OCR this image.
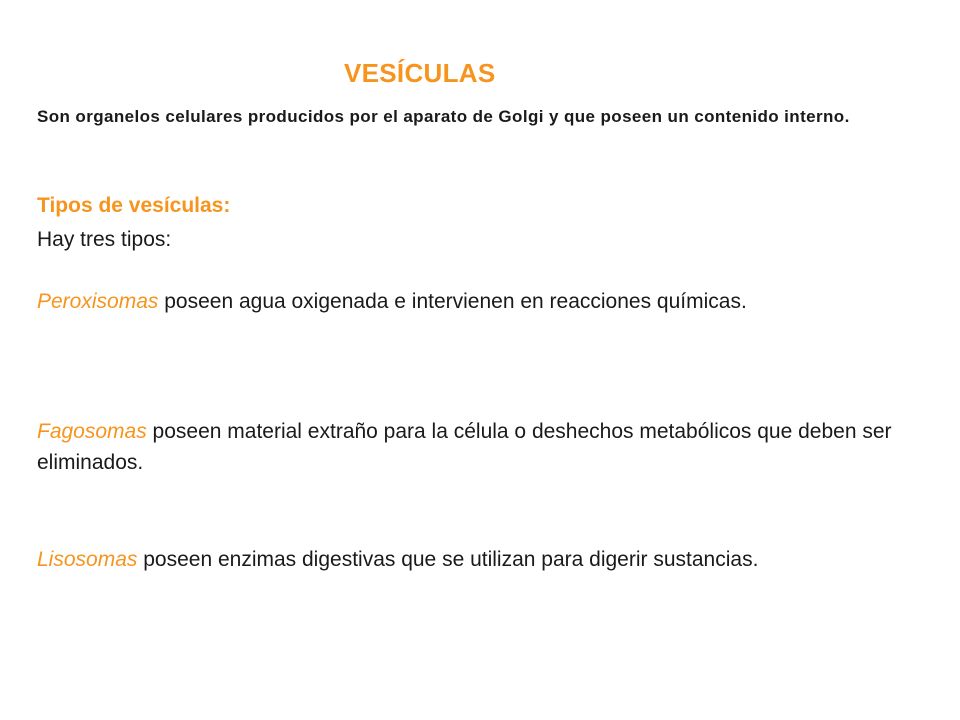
VESÍCULAS

Son organelos celulares producidos por el aparato de Golgi y que poseen un contenido interno.

Tipos de vesículas:

Hay tres tipos:

Peroxisomas poseen agua oxigenada e intervienen en reacciones químicas.

Fagosomas poseen material extraño para la célula o deshechos metabólicos que deben ser eliminados.

Lisosomas poseen enzimas digestivas que se utilizan para digerir sustancias.
